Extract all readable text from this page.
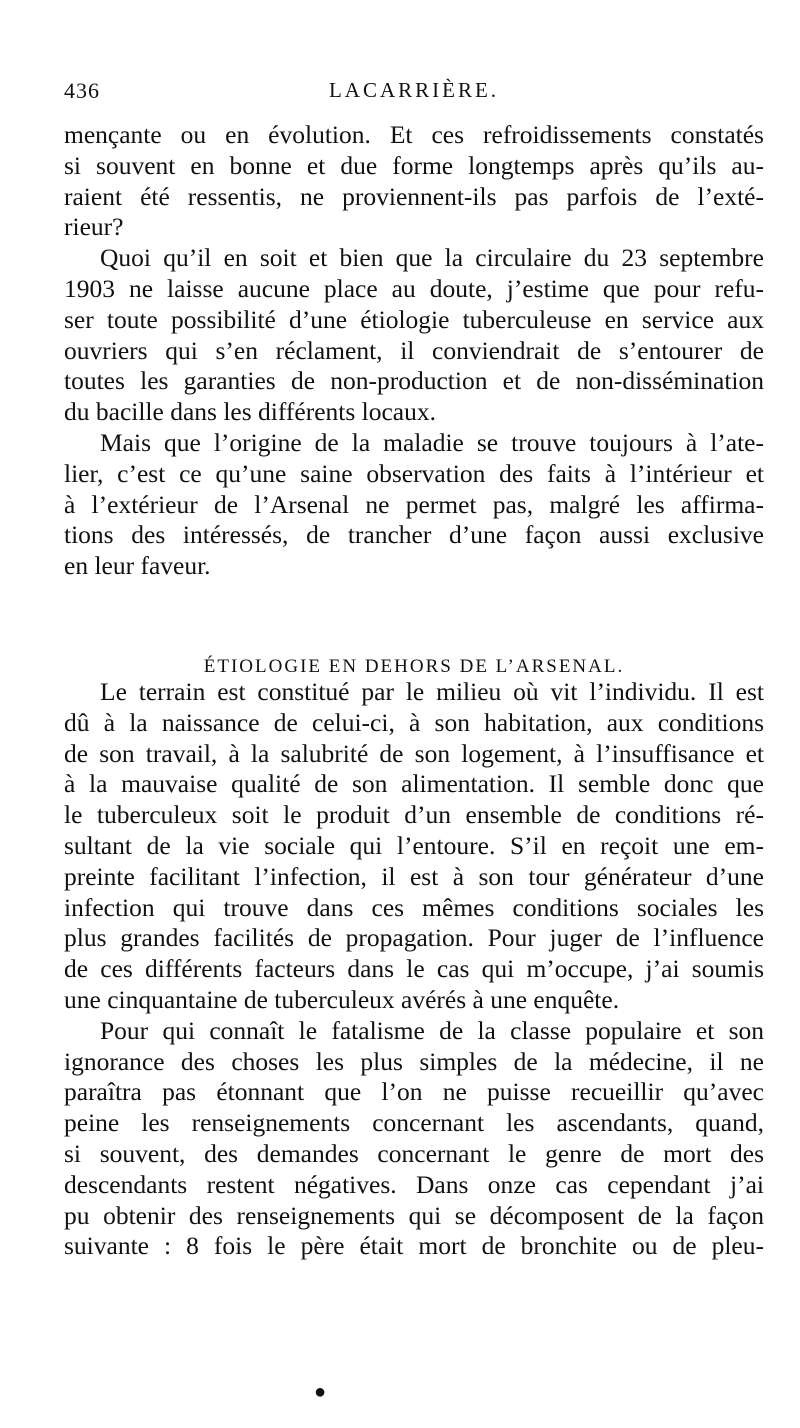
436	LACARRIÈRE.
mençante ou en évolution. Et ces refroidissements constatés
si souvent en bonne et due forme longtemps après qu’ils au-
raient été ressentis, ne proviennent-ils pas parfois de l’exté-
rieur?
Quoi qu’il en soit et bien que la circulaire du 23 septembre
1903 ne laisse aucune place au doute, j’estime que pour refu-
ser toute possibilité d’une étiologie tuberculeuse en service aux
ouvriers qui s’en réclament, il conviendrait de s’entourer de
toutes les garanties de non-production et de non-dissémination
du bacille dans les différents locaux.
Mais que l’origine de la maladie se trouve toujours à l’ate-
lier, c’est ce qu’une saine observation des faits à l’intérieur et
à l’extérieur de l’Arsenal ne permet pas, malgré les affirma-
tions des intéressés, de trancher d’une façon aussi exclusive
en leur faveur.
ÉTIOLOGIE EN DEHORS DE L’ARSENAL.
Le terrain est constitué par le milieu où vit l’individu. Il est
dû à la naissance de celui-ci, à son habitation, aux conditions
de son travail, à la salubrité de son logement, à l’insuffisance et
à la mauvaise qualité de son alimentation. Il semble donc que
le tuberculeux soit le produit d’un ensemble de conditions ré-
sultant de la vie sociale qui l’entoure. S’il en reçoit une em-
preinte facilitant l’infection, il est à son tour générateur d’une
infection qui trouve dans ces mêmes conditions sociales les
plus grandes facilités de propagation. Pour juger de l’influence
de ces différents facteurs dans le cas qui m’occupe, j’ai soumis
une cinquantaine de tuberculeux avérés à une enquête.
Pour qui connaît le fatalisme de la classe populaire et son
ignorance des choses les plus simples de la médecine, il ne
paraîtra pas étonnant que l’on ne puisse recueillir qu’avec
peine les renseignements concernant les ascendants, quand,
si souvent, des demandes concernant le genre de mort des
descendants restent négatives. Dans onze cas cependant j’ai
pu obtenir des renseignements qui se décomposent de la façon
suivante : 8 fois le père était mort de bronchite ou de pleu-
●
